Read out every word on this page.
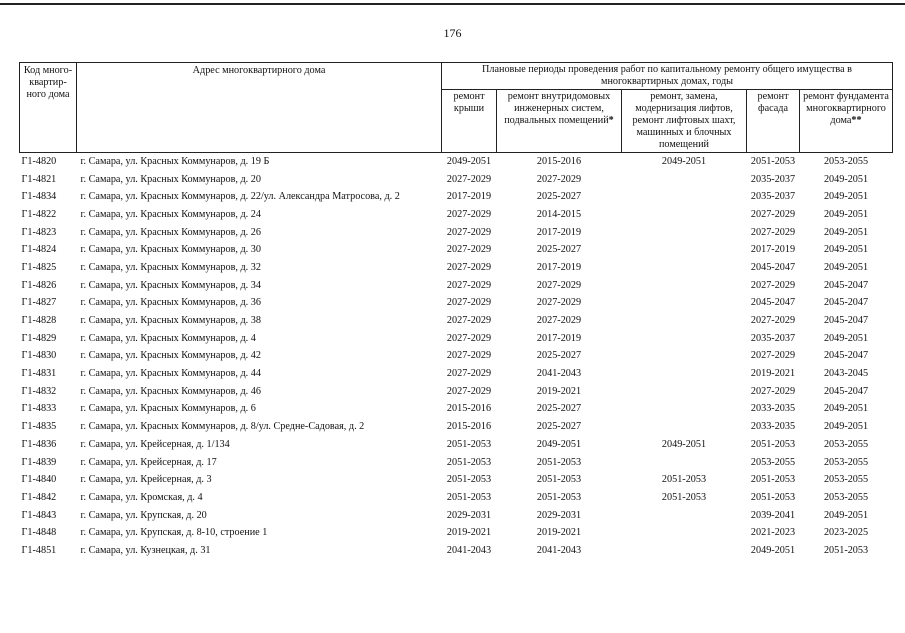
176
Код много-квартир-ного дома	Адрес многоквартирного дома	Плановые периоды проведения работ по капитальному ремонту общего имущества в многоквартирных домах, годы				
		ремонт крыши	ремонт внутридомовых инженерных систем, подвальных помещений*	ремонт, замена, модернизация лифтов, ремонт лифтовых шахт, машинных и блочных помещений	ремонт фасада	ремонт фундамента многоквартирного дома**
Г1-4820	г. Самара, ул. Красных Коммунаров, д. 19 Б	2049-2051	2015-2016	2049-2051	2051-2053	2053-2055
Г1-4821	г. Самара, ул. Красных Коммунаров, д. 20	2027-2029	2027-2029		2035-2037	2049-2051
Г1-4834	г. Самара, ул. Красных Коммунаров, д. 22/ул. Александра Матросова, д. 2	2017-2019	2025-2027		2035-2037	2049-2051
Г1-4822	г. Самара, ул. Красных Коммунаров, д. 24	2027-2029	2014-2015		2027-2029	2049-2051
Г1-4823	г. Самара, ул. Красных Коммунаров, д. 26	2027-2029	2017-2019		2027-2029	2049-2051
Г1-4824	г. Самара, ул. Красных Коммунаров, д. 30	2027-2029	2025-2027		2017-2019	2049-2051
Г1-4825	г. Самара, ул. Красных Коммунаров, д. 32	2027-2029	2017-2019		2045-2047	2049-2051
Г1-4826	г. Самара, ул. Красных Коммунаров, д. 34	2027-2029	2027-2029		2027-2029	2045-2047
Г1-4827	г. Самара, ул. Красных Коммунаров, д. 36	2027-2029	2027-2029		2045-2047	2045-2047
Г1-4828	г. Самара, ул. Красных Коммунаров, д. 38	2027-2029	2027-2029		2027-2029	2045-2047
Г1-4829	г. Самара, ул. Красных Коммунаров, д. 4	2027-2029	2017-2019		2035-2037	2049-2051
Г1-4830	г. Самара, ул. Красных Коммунаров, д. 42	2027-2029	2025-2027		2027-2029	2045-2047
Г1-4831	г. Самара, ул. Красных Коммунаров, д. 44	2027-2029	2041-2043		2019-2021	2043-2045
Г1-4832	г. Самара, ул. Красных Коммунаров, д. 46	2027-2029	2019-2021		2027-2029	2045-2047
Г1-4833	г. Самара, ул. Красных Коммунаров, д. 6	2015-2016	2025-2027		2033-2035	2049-2051
Г1-4835	г. Самара, ул. Красных Коммунаров, д. 8/ул. Средне-Садовая, д. 2	2015-2016	2025-2027		2033-2035	2049-2051
Г1-4836	г. Самара, ул. Крейсерная, д. 1/134	2051-2053	2049-2051	2049-2051	2051-2053	2053-2055
Г1-4839	г. Самара, ул. Крейсерная, д. 17	2051-2053	2051-2053		2053-2055	2053-2055
Г1-4840	г. Самара, ул. Крейсерная, д. 3	2051-2053	2051-2053	2051-2053	2051-2053	2053-2055
Г1-4842	г. Самара, ул. Кромская, д. 4	2051-2053	2051-2053	2051-2053	2051-2053	2053-2055
Г1-4843	г. Самара, ул. Крупская, д. 20	2029-2031	2029-2031		2039-2041	2049-2051
Г1-4848	г. Самара, ул. Крупская, д. 8-10, строение 1	2019-2021	2019-2021		2021-2023	2023-2025
Г1-4851	г. Самара, ул. Кузнецкая, д. 31	2041-2043	2041-2043		2049-2051	2051-2053
